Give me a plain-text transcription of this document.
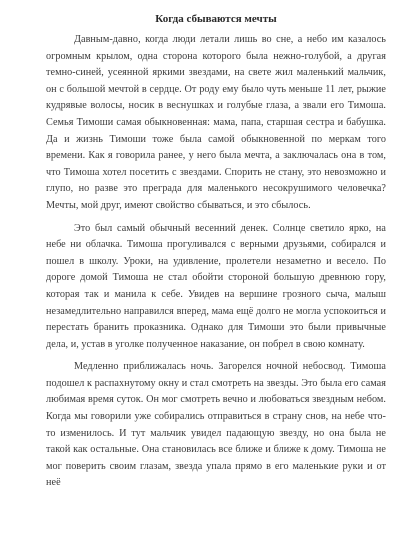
Когда сбываются мечты

Давным-давно, когда люди летали лишь во сне, а небо им казалось огромным крылом, одна сторона которого была нежно-голубой, а другая темно-синей, усеянной яркими звездами, на свете жил маленький мальчик, он с большой мечтой в сердце. От роду ему было чуть меньше 11 лет, рыжие кудрявые волосы, носик в веснушках и голубые глаза, а звали его Тимоша. Семья Тимоши самая обыкновенная: мама, папа, старшая сестра и бабушка. Да и жизнь Тимоши тоже была самой обыкновенной по меркам того времени. Как я говорила ранее, у него была мечта, а заключалась она в том, что Тимоша хотел посетить с звездами. Спорить не стану, это невозможно и глупо, но разве это преграда для маленького несокрушимого человечка? Мечты, мой друг, имеют свойство сбываться, и это сбылось.

Это был самый обычный весенний денек. Солнце светило ярко, на небе ни облачка. Тимоша прогуливался с верными друзьями, собирался и пошел в школу. Уроки, на удивление, пролетели незаметно и весело. По дороге домой Тимоша не стал обойти стороной большую древнюю гору, которая так и манила к себе. Увидев на вершине грозного сыча, малыш незамедлительно направился вперед, мама ещё долго не могла успокоиться и перестать бранить проказника. Однако для Тимоши это были привычные дела, и, устав в уголке полученное наказание, он побрел в свою комнату.

Медленно приближалась ночь. Загорелся ночной небосвод. Тимоша подошел к распахнутому окну и стал смотреть на звезды. Это была его самая любимая время суток. Он мог смотреть вечно и любоваться звездным небом. Когда мы говорили уже собирались отправиться в страну снов, на небе что-то изменилось. И тут мальчик увидел падающую звезду, но она была не такой как остальные. Она становилась все ближе и ближе к дому. Тимоша не мог поверить своим глазам, звезда упала прямо в его маленькие руки и от неё
